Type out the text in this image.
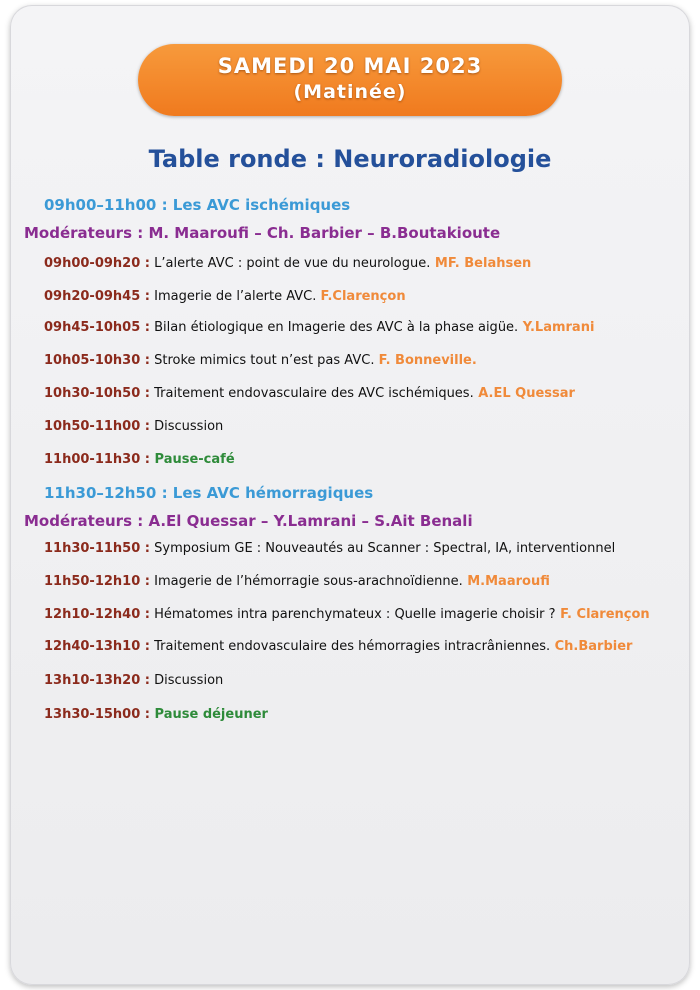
SAMEDI 20 MAI 2023
(Matinée)
Table ronde : Neuroradiologie
09h00–11h00 : Les AVC ischémiques
Modérateurs : M. Maaroufi – Ch. Barbier – B.Boutakioute
09h00-09h20 : L’alerte AVC : point de vue du neurologue. MF. Belahsen
09h20-09h45 : Imagerie de l’alerte AVC. F.Clarençon
09h45-10h05 : Bilan étiologique en Imagerie des AVC à la phase aigüe. Y.Lamrani
10h05-10h30 : Stroke mimics tout n’est pas AVC. F. Bonneville.
10h30-10h50 : Traitement endovasculaire des AVC ischémiques. A.EL Quessar
10h50-11h00 : Discussion
11h00-11h30 : Pause-café
11h30–12h50 : Les AVC hémorragiques
Modérateurs : A.El Quessar – Y.Lamrani – S.Ait Benali
11h30-11h50 : Symposium GE : Nouveautés au Scanner : Spectral, IA, interventionnel
11h50-12h10 : Imagerie de l’hémorragie sous-arachnoïdienne. M.Maaroufi
12h10-12h40 : Hématomes intra parenchymateux : Quelle imagerie choisir ? F. Clarençon
12h40-13h10 : Traitement endovasculaire des hémorragies intracrâniennes. Ch.Barbier
13h10-13h20 : Discussion
13h30-15h00 : Pause déjeuner
